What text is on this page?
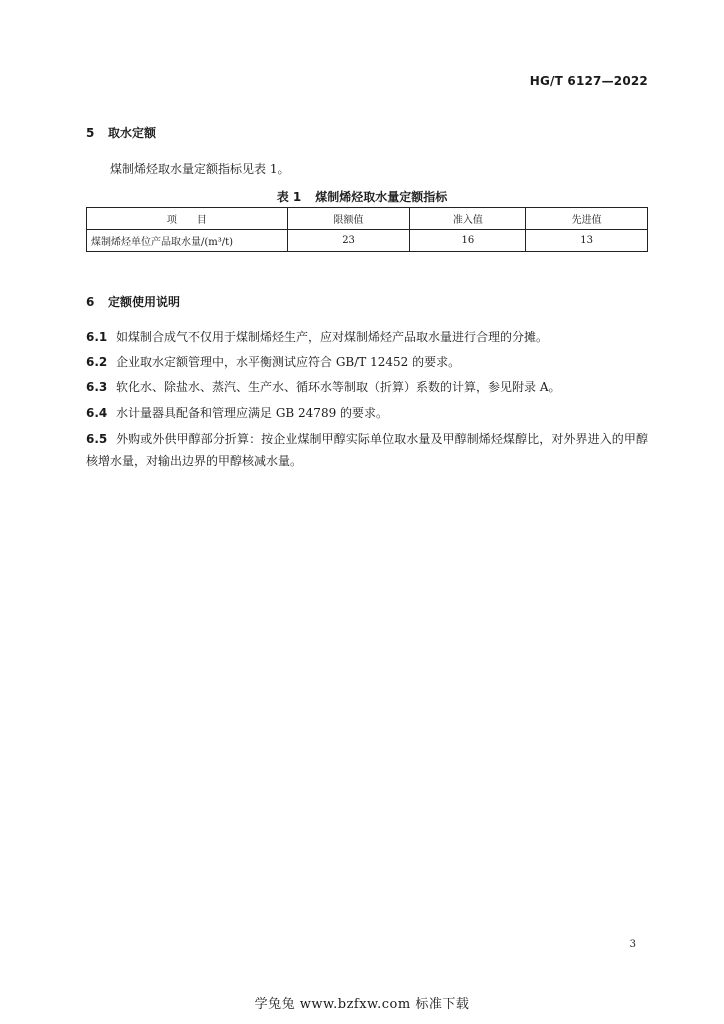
HG/T 6127—2022
5 取水定额
煤制烯烃取水量定额指标见表 1。
表 1 煤制烯烃取水量定额指标
项　　目	限额值	准入值	先进值
煤制烯烃单位产品取水量/(m³/t)	23	16	13
6 定额使用说明
6.1 如煤制合成气不仅用于煤制烯烃生产，应对煤制烯烃产品取水量进行合理的分摊。
6.2 企业取水定额管理中，水平衡测试应符合 GB/T 12452 的要求。
6.3 软化水、除盐水、蒸汽、生产水、循环水等制取（折算）系数的计算，参见附录 A。
6.4 水计量器具配备和管理应满足 GB 24789 的要求。
6.5 外购或外供甲醇部分折算：按企业煤制甲醇实际单位取水量及甲醇制烯烃煤醇比，对外界进入的甲醇核增水量，对输出边界的甲醇核减水量。
3
学兔兔 www.bzfxw.com 标准下载
